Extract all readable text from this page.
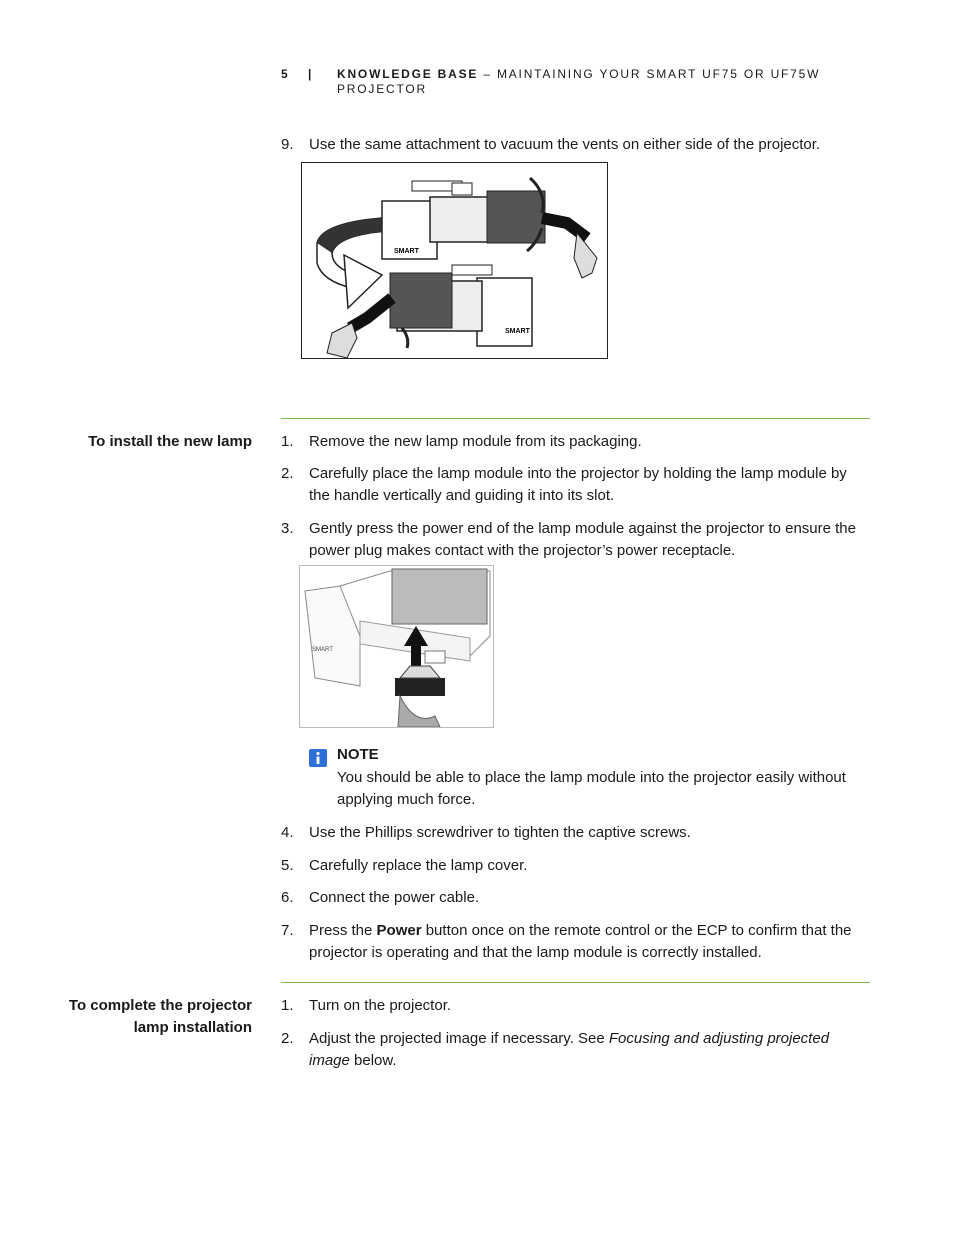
5 | KNOWLEDGE BASE – MAINTAINING YOUR SMART UF75 OR UF75W PROJECTOR
9. Use the same attachment to vacuum the vents on either side of the projector.
SMART
SMART
To install the new lamp 1. Remove the new lamp module from its packaging.
2. Carefully place the lamp module into the projector by holding the lamp module by the handle vertically and guiding it into its slot.
3. Gently press the power end of the lamp module against the projector to ensure the power plug makes contact with the projector’s power receptacle.
SMART
NOTE
You should be able to place the lamp module into the projector easily without applying much force.
4. Use the Phillips screwdriver to tighten the captive screws.
5. Carefully replace the lamp cover.
6. Connect the power cable.
7. Press the Power button once on the remote control or the ECP to confirm that the projector is operating and that the lamp module is correctly installed.
To complete the projector lamp installation
1. Turn on the projector.
2. Adjust the projected image if necessary. See Focusing and adjusting projected image below.
